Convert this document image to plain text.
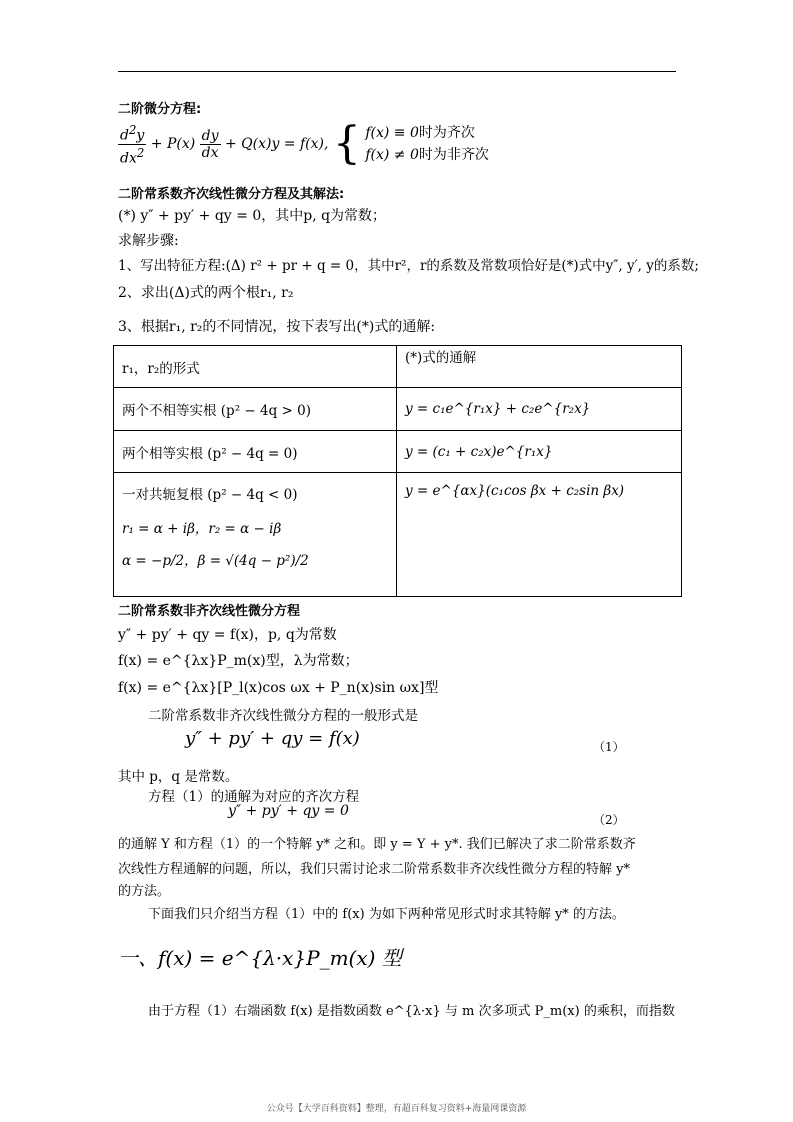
二阶微分方程:
$\frac{d^2y}{dx^2} + P(x) \frac{dy}{dx} + Q(x)y = f(x)$, { f(x) ≡ 0时为齐次
f(x) ≠ 0时为非齐次
二阶常系数齐次线性微分方程及其解法:
(*) y″ + py′ + qy = 0，其中p, q为常数；
求解步骤:
1、写出特征方程:(Δ) r² + pr + q = 0，其中r²，r的系数及常数项恰好是(*)式中y″, y′, y的系数;
2、求出(Δ)式的两个根r₁, r₂
3、根据r₁, r₂的不同情况，按下表写出(*)式的通解:
r₁，r₂的形式	(*)式的通解
两个不相等实根 (p² − 4q > 0)	y = c₁e^{r₁x} + c₂e^{r₂x}
两个相等实根 (p² − 4q = 0)	y = (c₁ + c₂x)e^{r₁x}

一对共轭复根 (p² − 4q < 0)
r₁ = α + iβ，r₂ = α − iβ
α = −p/2，β = √(4q − p²)/2	y = e^{αx}(c₁cos βx + c₂sin βx)
二阶常系数非齐次线性微分方程
y″ + py′ + qy = f(x)，p, q为常数
f(x) = e^{λx}P_m(x)型，λ为常数；
f(x) = e^{λx}[P_l(x)cos ωx + P_n(x)sin ωx]型
二阶常系数非齐次线性微分方程的一般形式是
y″ + py′ + qy = f(x)	（1）
其中 p，q 是常数。
方程（1）的通解为对应的齐次方程
y″ + py′ + qy = 0
（2）
的通解 Y 和方程（1）的一个特解 y* 之和。即 y = Y + y*. 我们已解决了求二阶常系数齐
次线性方程通解的问题，所以，我们只需讨论求二阶常系数非齐次线性微分方程的特解 y*
的方法。
下面我们只介绍当方程（1）中的 f(x) 为如下两种常见形式时求其特解 y* 的方法。
一、f(x) = e^{λ·x}P_m(x) 型
由于方程（1）右端函数 f(x) 是指数函数 e^{λ·x} 与 m 次多项式 P_m(x) 的乘积，而指数
公众号【大学百科资料】整理，有超百科复习资料+海量网课资源
